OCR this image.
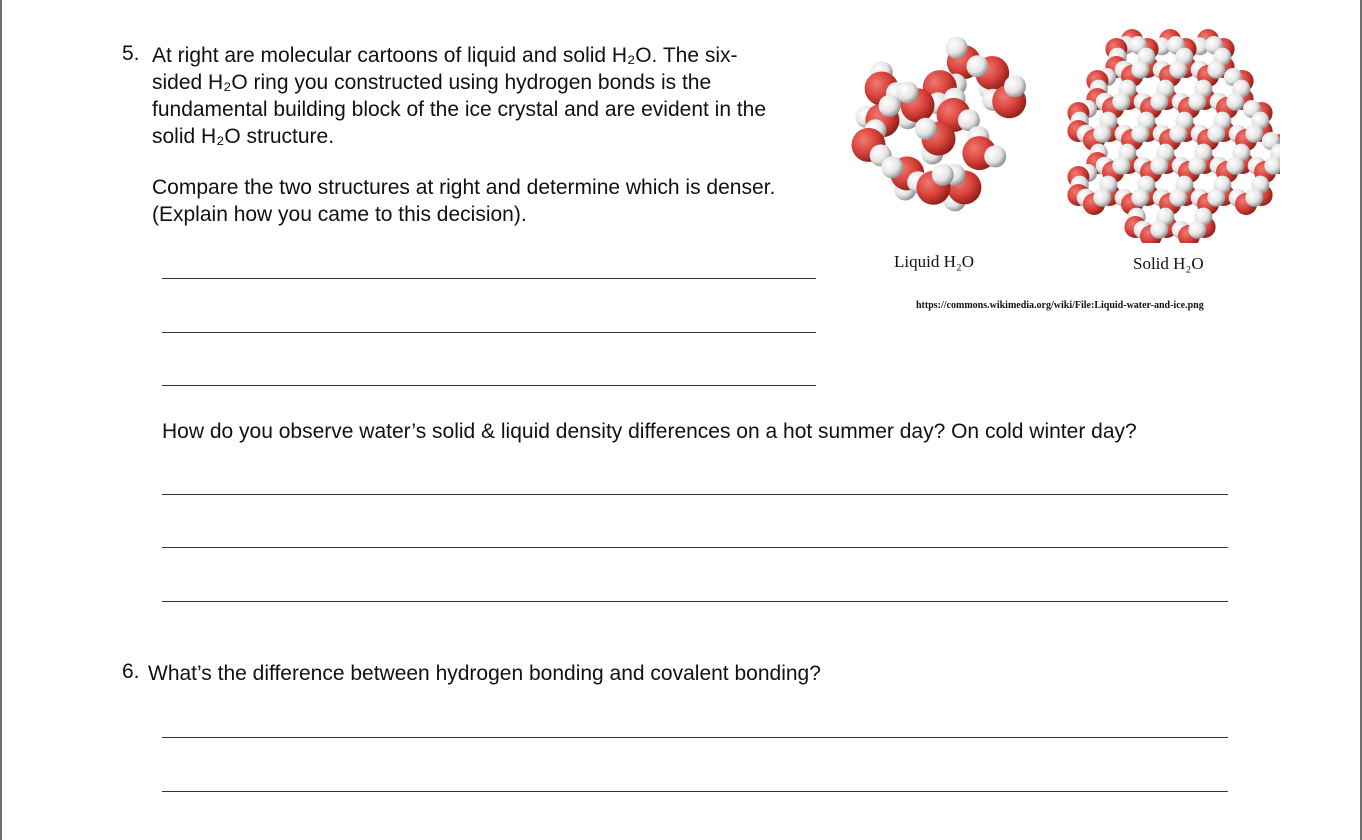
5. At right are molecular cartoons of liquid and solid H₂O. The six-

sided H₂O ring you constructed using hydrogen bonds is the

fundamental building block of the ice crystal and are evident in the

solid H₂O structure.

Compare the two structures at right and determine which is denser.

(Explain how you came to this decision).

Liquid H₂O	Solid H₂O
https://commons.wikimedia.org/wiki/File:Liquid-water-and-ice.png
How do you observe water’s solid & liquid density differences on a hot summer day? On cold winter day?
6. What’s the difference between hydrogen bonding and covalent bonding?
